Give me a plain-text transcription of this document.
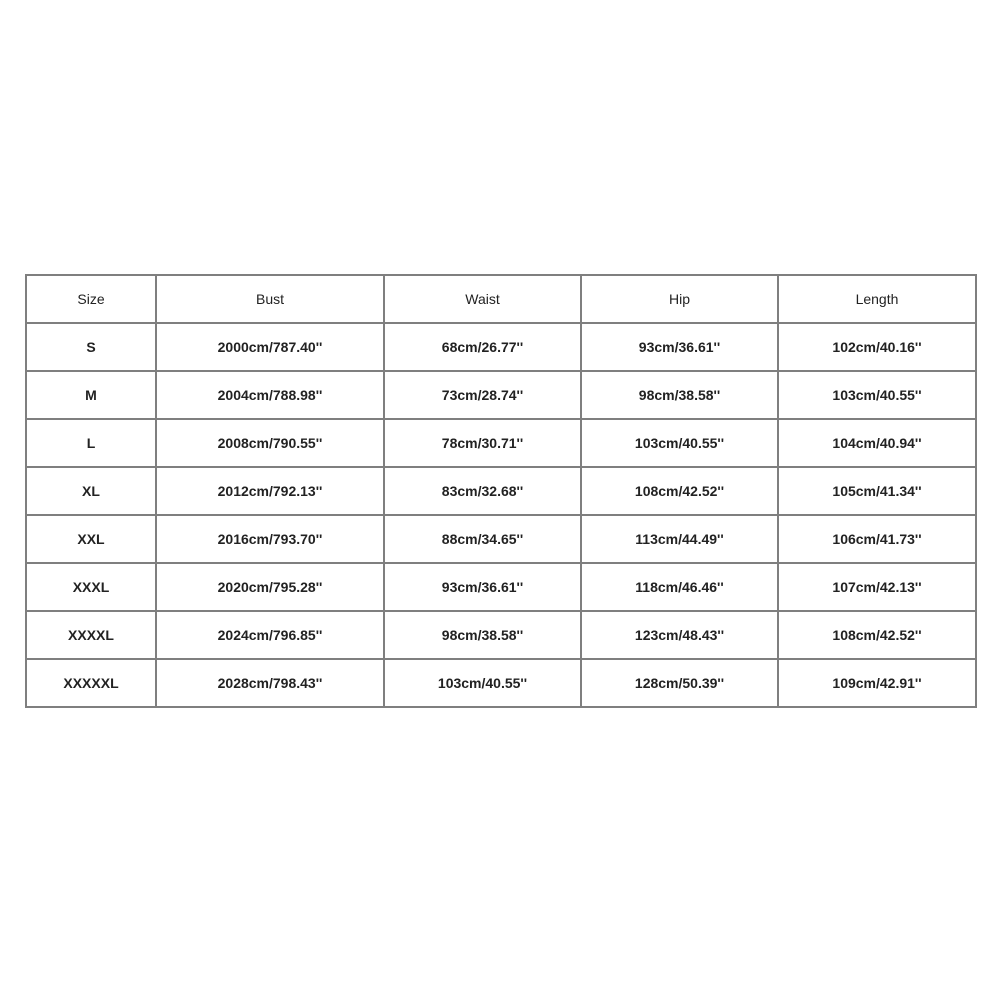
Size	Bust	Waist	Hip	Length
S	2000cm/787.40''	68cm/26.77''	93cm/36.61''	102cm/40.16''
M	2004cm/788.98''	73cm/28.74''	98cm/38.58''	103cm/40.55''
L	2008cm/790.55''	78cm/30.71''	103cm/40.55''	104cm/40.94''
XL	2012cm/792.13''	83cm/32.68''	108cm/42.52''	105cm/41.34''
XXL	2016cm/793.70''	88cm/34.65''	113cm/44.49''	106cm/41.73''
XXXL	2020cm/795.28''	93cm/36.61''	118cm/46.46''	107cm/42.13''
XXXXL	2024cm/796.85''	98cm/38.58''	123cm/48.43''	108cm/42.52''
XXXXXL	2028cm/798.43''	103cm/40.55''	128cm/50.39''	109cm/42.91''
